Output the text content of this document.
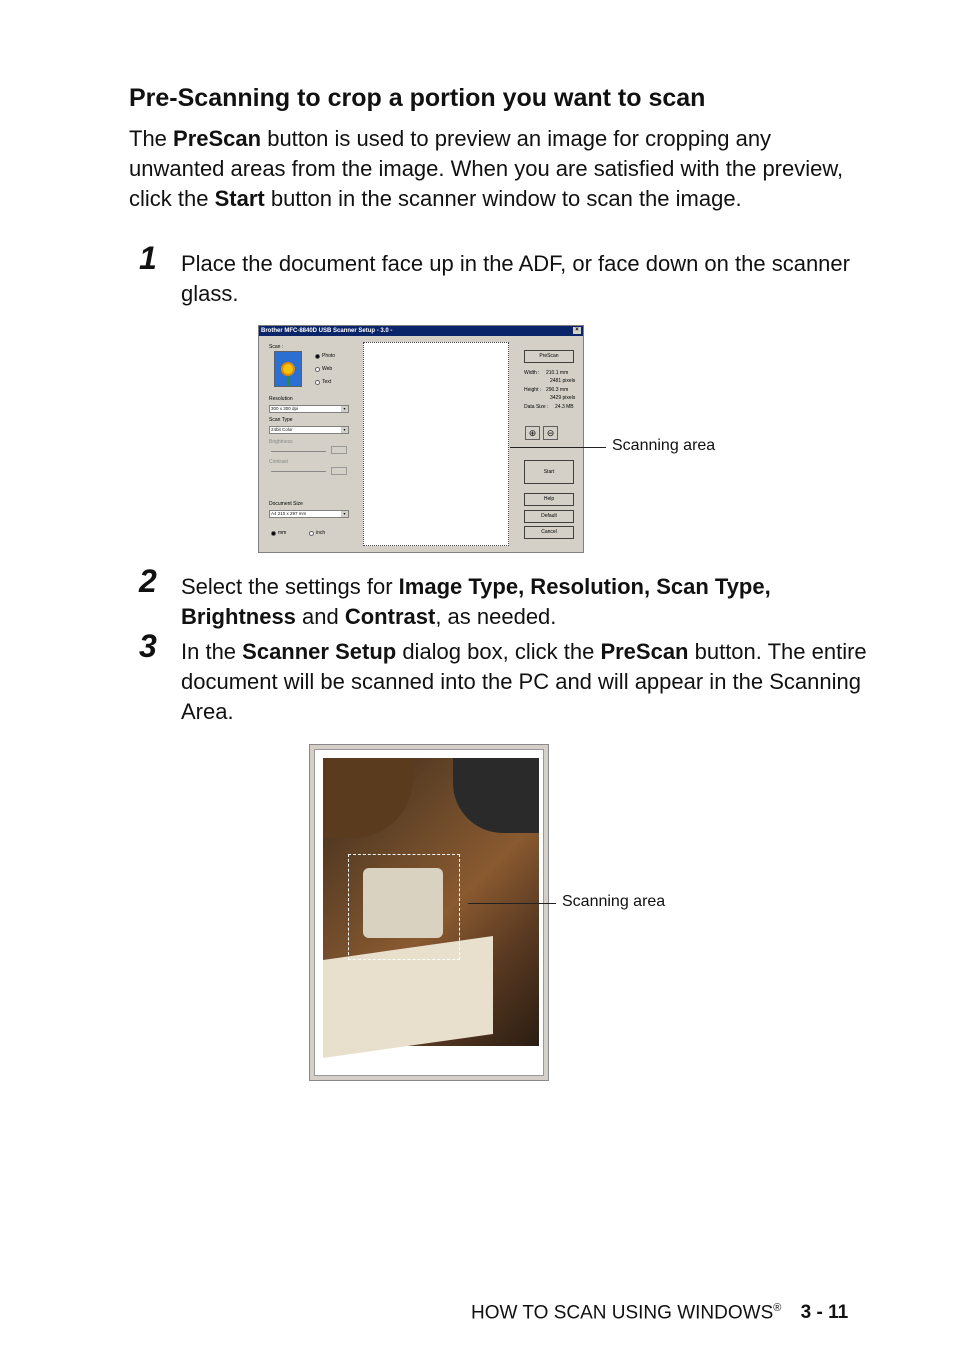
Pre-Scanning to crop a portion you want to scan
The PreScan button is used to preview an image for cropping any unwanted areas from the image. When you are satisfied with the preview, click the Start button in the scanner window to scan the image.
1 Place the document face up in the ADF, or face down on the scanner glass.
Brother MFC-8840D USB Scanner Setup - 3.0 -	×
Scan :
Photo
Web
Text
Resolution
300 x 300 dpi	▾
Scan Type
24bit Color	▾
Brightness
Contrast
Document Size
A4 210 x 297 mm	▾
mm	inch
PreScan
Width : 210.1 mm
2481 pixels
Height : 290.3 mm
3429 pixels
Data Size : 24.3 MB
⊕	⊖
Start
Help
Default
Cancel
Scanning area
2 Select the settings for Image Type, Resolution, Scan Type, Brightness and Contrast, as needed.
3 In the Scanner Setup dialog box, click the PreScan button. The entire document will be scanned into the PC and will appear in the Scanning Area.
Scanning area
HOW TO SCAN USING WINDOWS® 3 - 11
